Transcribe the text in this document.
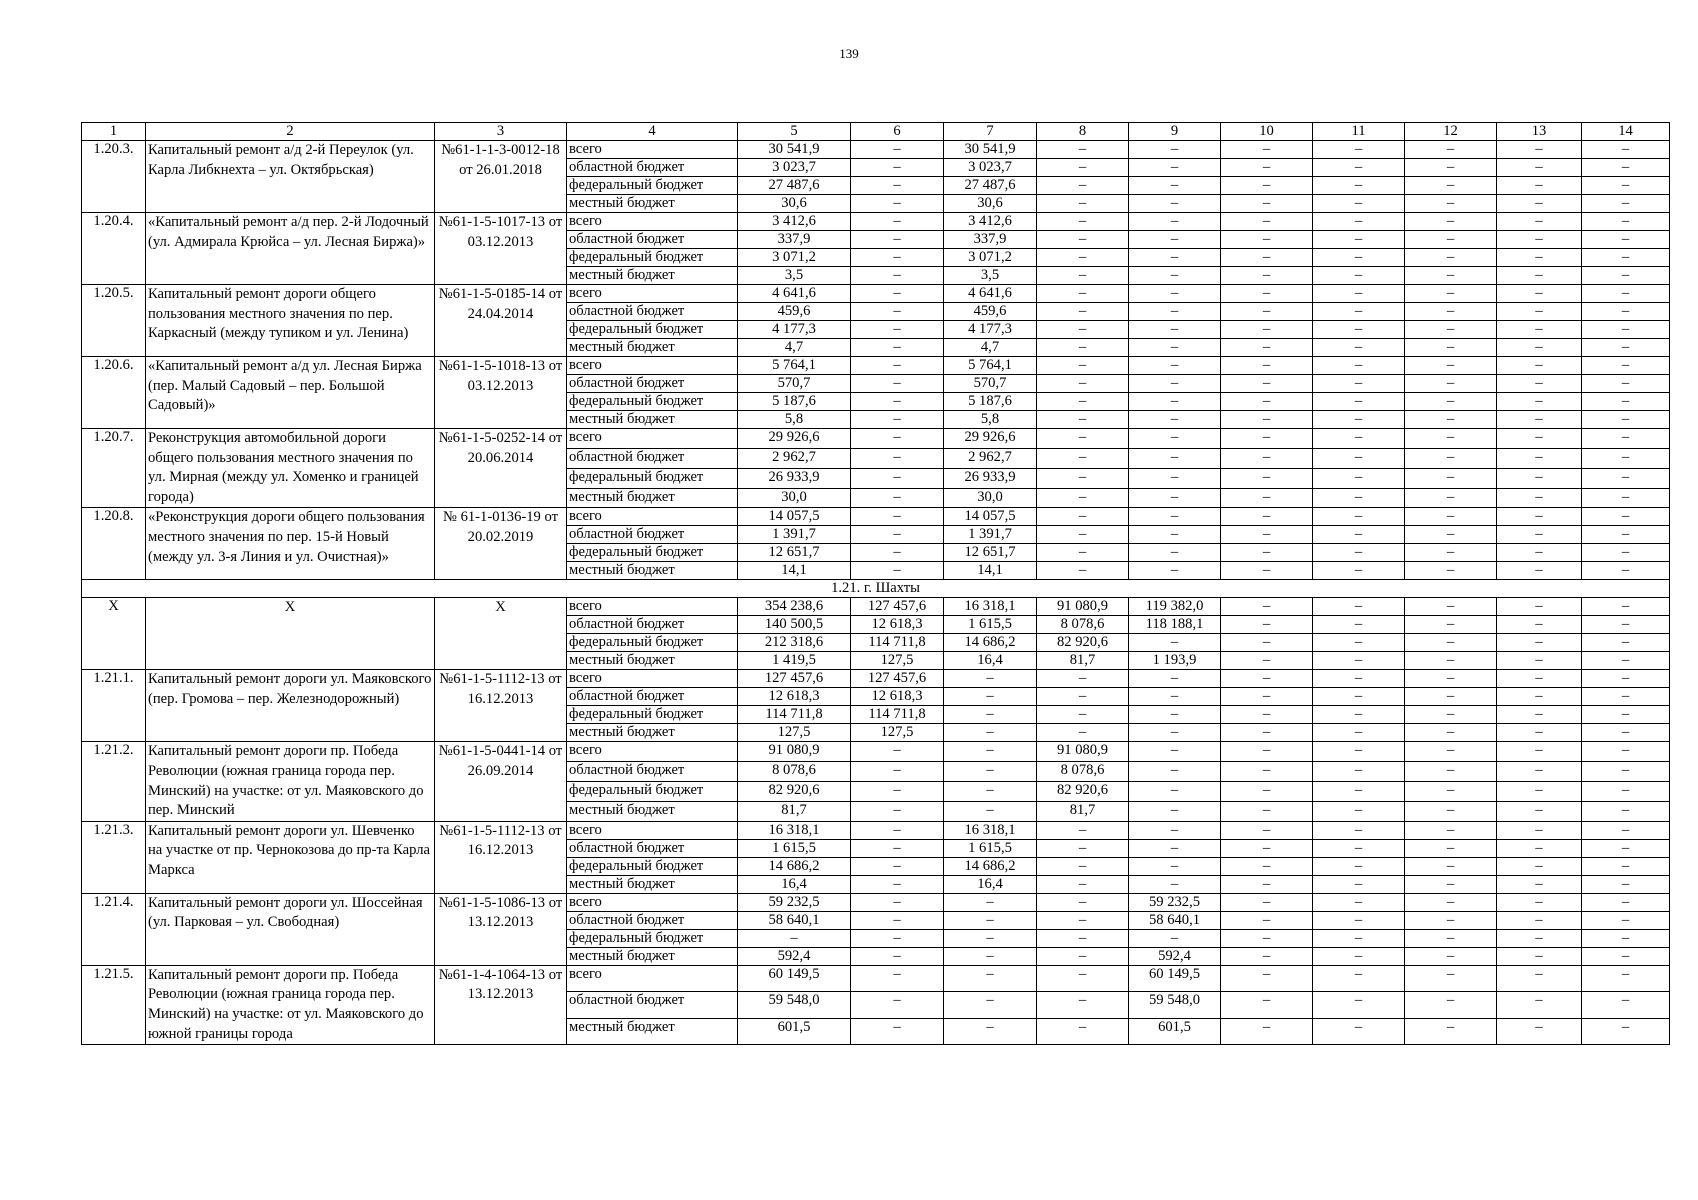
139
1	2	3	4	5	6	7	8	9	10	11	12	13	14
1.20.3.	Капитальный ремонт а/д 2-й Переулок (ул. Карла Либкнехта – ул. Октябрьская)	№61-1-1-3-0012-18 от 26.01.2018	всего	30 541,9	–	30 541,9	–	–	–	–	–	–	–
			областной бюджет	3 023,7	–	3 023,7	–	–	–	–	–	–	–
			федеральный бюджет	27 487,6	–	27 487,6	–	–	–	–	–	–	–
			местный бюджет	30,6	–	30,6	–	–	–	–	–	–	–
1.20.4.	«Капитальный ремонт а/д пер. 2-й Лодочный (ул. Адмирала Крюйса – ул. Лесная Биржа)»	№61-1-5-1017-13 от 03.12.2013	всего	3 412,6	–	3 412,6	–	–	–	–	–	–	–
			областной бюджет	337,9	–	337,9	–	–	–	–	–	–	–
			федеральный бюджет	3 071,2	–	3 071,2	–	–	–	–	–	–	–
			местный бюджет	3,5	–	3,5	–	–	–	–	–	–	–
1.20.5.	Капитальный ремонт дороги общего пользования местного значения по пер. Каркасный (между тупиком и ул. Ленина)	№61-1-5-0185-14 от 24.04.2014	всего	4 641,6	–	4 641,6	–	–	–	–	–	–	–
			областной бюджет	459,6	–	459,6	–	–	–	–	–	–	–
			федеральный бюджет	4 177,3	–	4 177,3	–	–	–	–	–	–	–
			местный бюджет	4,7	–	4,7	–	–	–	–	–	–	–
1.20.6.	«Капитальный ремонт а/д ул. Лесная Биржа (пер. Малый Садовый – пер. Большой Садовый)»	№61-1-5-1018-13 от 03.12.2013	всего	5 764,1	–	5 764,1	–	–	–	–	–	–	–
			областной бюджет	570,7	–	570,7	–	–	–	–	–	–	–
			федеральный бюджет	5 187,6	–	5 187,6	–	–	–	–	–	–	–
			местный бюджет	5,8	–	5,8	–	–	–	–	–	–	–
1.20.7.	Реконструкция автомобильной дороги общего пользования местного значения по ул. Мирная (между ул. Хоменко и границей города)	№61-1-5-0252-14 от 20.06.2014	всего	29 926,6	–	29 926,6	–	–	–	–	–	–	–
			областной бюджет	2 962,7	–	2 962,7	–	–	–	–	–	–	–
			федеральный бюджет	26 933,9	–	26 933,9	–	–	–	–	–	–	–
			местный бюджет	30,0	–	30,0	–	–	–	–	–	–	–
1.20.8.	«Реконструкция дороги общего пользования местного значения по пер. 15-й Новый (между ул. 3-я Линия и ул. Очистная)»	№ 61-1-0136-19 от 20.02.2019	всего	14 057,5	–	14 057,5	–	–	–	–	–	–	–
			областной бюджет	1 391,7	–	1 391,7	–	–	–	–	–	–	–
			федеральный бюджет	12 651,7	–	12 651,7	–	–	–	–	–	–	–
			местный бюджет	14,1	–	14,1	–	–	–	–	–	–	–
1.21. г. Шахты													
Х	Х	Х	всего	354 238,6	127 457,6	16 318,1	91 080,9	119 382,0	–	–	–	–	–
			областной бюджет	140 500,5	12 618,3	1 615,5	8 078,6	118 188,1	–	–	–	–	–
			федеральный бюджет	212 318,6	114 711,8	14 686,2	82 920,6	–	–	–	–	–	–
			местный бюджет	1 419,5	127,5	16,4	81,7	1 193,9	–	–	–	–	–
1.21.1.	Капитальный ремонт дороги ул. Маяковского (пер. Громова – пер. Железнодорожный)	№61-1-5-1112-13 от 16.12.2013	всего	127 457,6	127 457,6	–	–	–	–	–	–	–	–
			областной бюджет	12 618,3	12 618,3	–	–	–	–	–	–	–	–
			федеральный бюджет	114 711,8	114 711,8	–	–	–	–	–	–	–	–
			местный бюджет	127,5	127,5	–	–	–	–	–	–	–	–
1.21.2.	Капитальный ремонт дороги пр. Победа Революции (южная граница города пер. Минский) на участке: от ул. Маяковского до пер. Минский	№61-1-5-0441-14 от 26.09.2014	всего	91 080,9	–	–	91 080,9	–	–	–	–	–	–
			областной бюджет	8 078,6	–	–	8 078,6	–	–	–	–	–	–
			федеральный бюджет	82 920,6	–	–	82 920,6	–	–	–	–	–	–
			местный бюджет	81,7	–	–	81,7	–	–	–	–	–	–
1.21.3.	Капитальный ремонт дороги ул. Шевченко на участке от пр. Чернокозова до пр-та Карла Маркса	№61-1-5-1112-13 от 16.12.2013	всего	16 318,1	–	16 318,1	–	–	–	–	–	–	–
			областной бюджет	1 615,5	–	1 615,5	–	–	–	–	–	–	–
			федеральный бюджет	14 686,2	–	14 686,2	–	–	–	–	–	–	–
			местный бюджет	16,4	–	16,4	–	–	–	–	–	–	–
1.21.4.	Капитальный ремонт дороги ул. Шоссейная (ул. Парковая – ул. Свободная)	№61-1-5-1086-13 от 13.12.2013	всего	59 232,5	–	–	–	59 232,5	–	–	–	–	–
			областной бюджет	58 640,1	–	–	–	58 640,1	–	–	–	–	–
			федеральный бюджет	–	–	–	–	–	–	–	–	–	–
			местный бюджет	592,4	–	–	–	592,4	–	–	–	–	–
1.21.5.	Капитальный ремонт дороги пр. Победа Революции (южная граница города пер. Минский) на участке: от ул. Маяковского до южной границы города	№61-1-4-1064-13 от 13.12.2013	всего	60 149,5	–	–	–	60 149,5	–	–	–	–	–
			областной бюджет	59 548,0	–	–	–	59 548,0	–	–	–	–	–
			местный бюджет	601,5	–	–	–	601,5	–	–	–	–	–
